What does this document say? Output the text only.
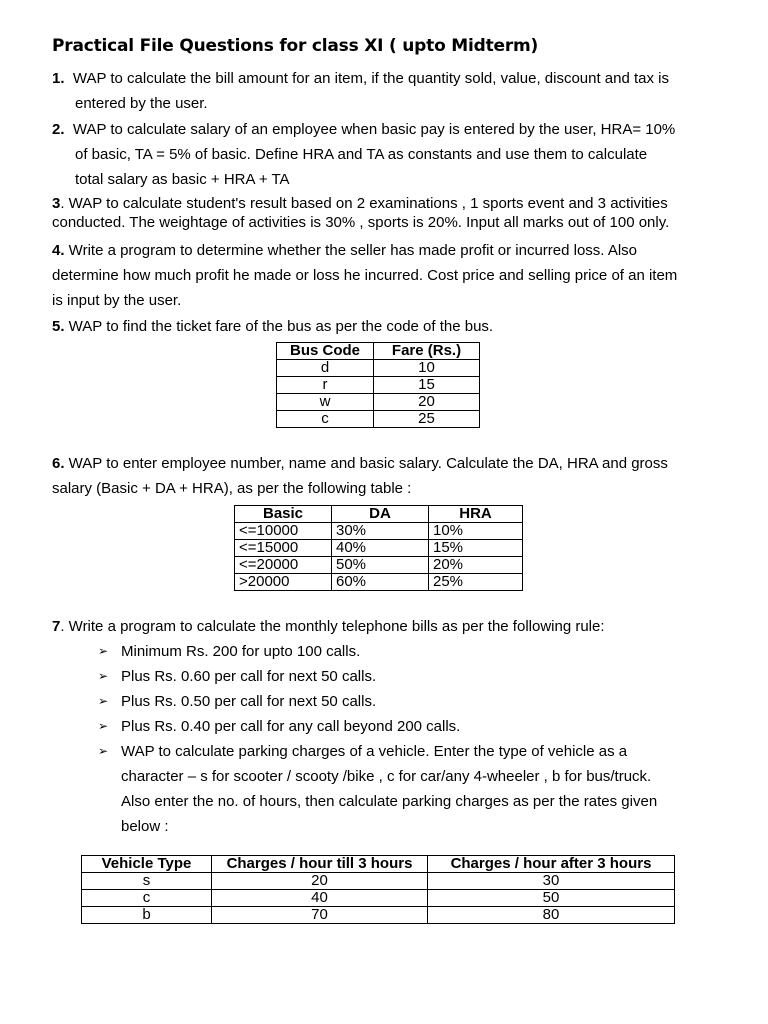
Practical File Questions for class XI ( upto Midterm)
1. WAP to calculate the bill amount for an item, if the quantity sold, value, discount and tax is
entered by the user.
2. WAP to calculate salary of an employee when basic pay is entered by the user, HRA= 10%
of basic, TA = 5% of basic. Define HRA and TA as constants and use them to calculate
total salary as basic + HRA + TA
3. WAP to calculate student's result based on 2 examinations , 1 sports event and 3 activities
conducted. The weightage of activities is 30% , sports is 20%. Input all marks out of 100 only.
4. Write a program to determine whether the seller has made profit or incurred loss. Also
determine how much profit he made or loss he incurred. Cost price and selling price of an item
is input by the user.
5. WAP to find the ticket fare of the bus as per the code of the bus.
Bus Code	Fare (Rs.)
d	10
r	15
w	20
c	25
6. WAP to enter employee number, name and basic salary. Calculate the DA, HRA and gross
salary (Basic + DA + HRA), as per the following table :
Basic	DA	HRA
<=10000	30%	10%
<=15000	40%	15%
<=20000	50%	20%
>20000	60%	25%
7. Write a program to calculate the monthly telephone bills as per the following rule:
➢ Minimum Rs. 200 for upto 100 calls.
➢ Plus Rs. 0.60 per call for next 50 calls.
➢ Plus Rs. 0.50 per call for next 50 calls.
➢ Plus Rs. 0.40 per call for any call beyond 200 calls.
➢ WAP to calculate parking charges of a vehicle. Enter the type of vehicle as a
character – s for scooter / scooty /bike , c for car/any 4-wheeler , b for bus/truck.
Also enter the no. of hours, then calculate parking charges as per the rates given
below :
Vehicle Type	Charges / hour till 3 hours	Charges / hour after 3 hours
s	20	30
c	40	50
b	70	80
